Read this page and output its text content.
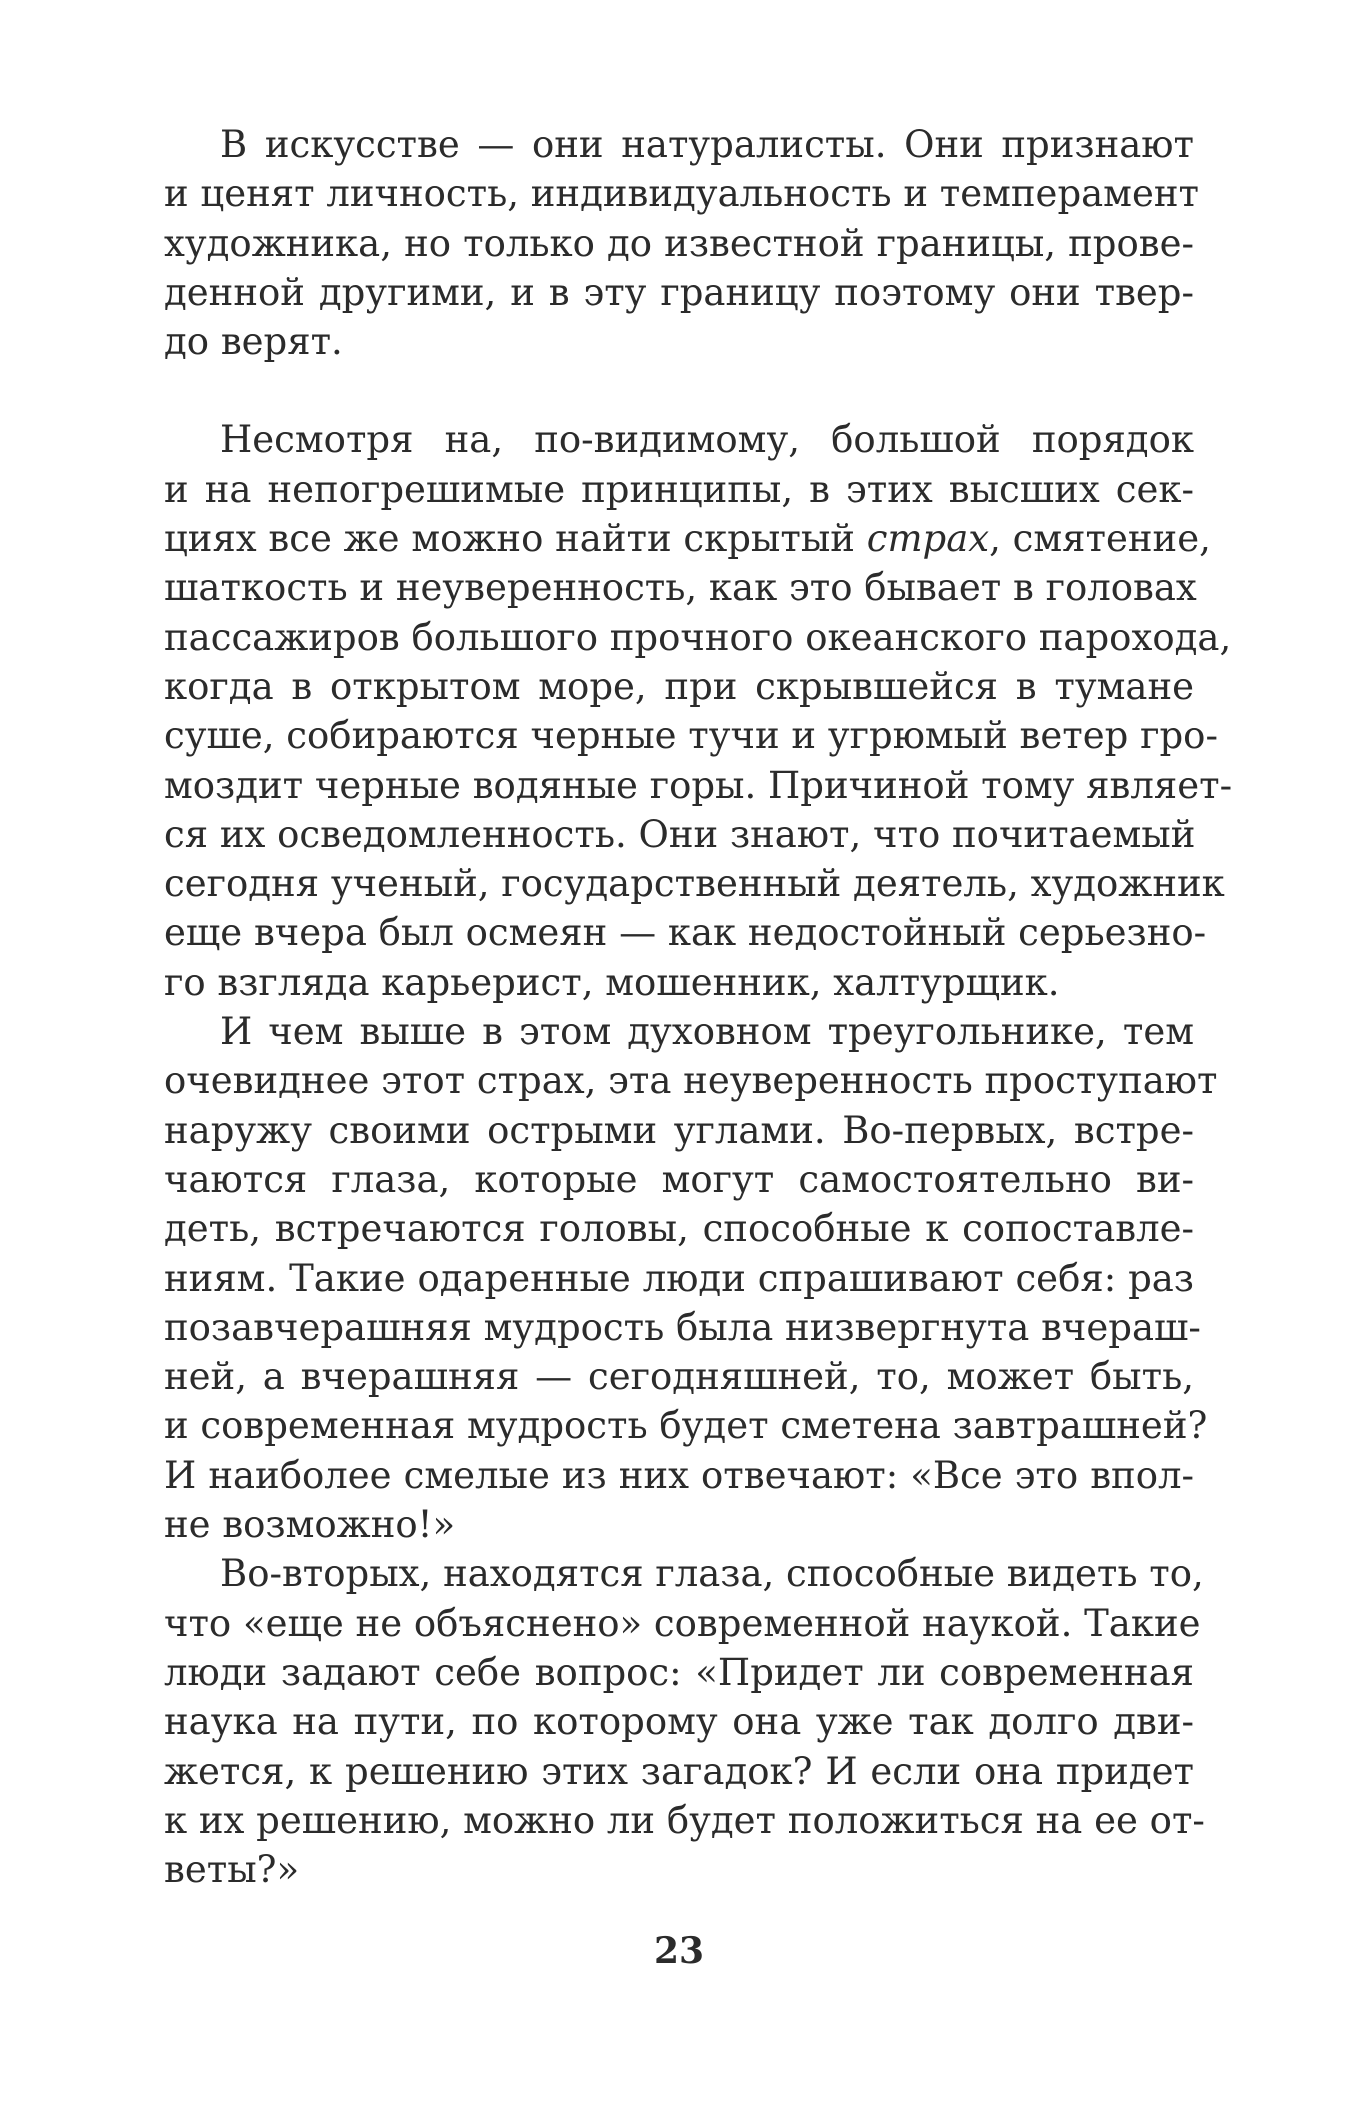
В искусстве — они натуралисты. Они признают
и ценят личность, индивидуальность и темперамент
художника, но только до известной границы, прове-
денной другими, и в эту границу поэтому они твер-
до верят.
Несмотря на, по-видимому, большой порядок
и на непогрешимые принципы, в этих высших сек-
циях все же можно найти скрытый страх, смятение,
шаткость и неуверенность, как это бывает в головах
пассажиров большого прочного океанского парохода,
когда в открытом море, при скрывшейся в тумане
суше, собираются черные тучи и угрюмый ветер гро-
моздит черные водяные горы. Причиной тому являет-
ся их осведомленность. Они знают, что почитаемый
сегодня ученый, государственный деятель, художник
еще вчера был осмеян — как недостойный серьезно-
го взгляда карьерист, мошенник, халтурщик.
И чем выше в этом духовном треугольнике, тем
очевиднее этот страх, эта неуверенность проступают
наружу своими острыми углами. Во-первых, встре-
чаются глаза, которые могут самостоятельно ви-
деть, встречаются головы, способные к сопоставле-
ниям. Такие одаренные люди спрашивают себя: раз
позавчерашняя мудрость была низвергнута вчераш-
ней, а вчерашняя — сегодняшней, то, может быть,
и современная мудрость будет сметена завтрашней?
И наиболее смелые из них отвечают: «Все это впол-
не возможно!»
Во-вторых, находятся глаза, способные видеть то,
что «еще не объяснено» современной наукой. Такие
люди задают себе вопрос: «Придет ли современная
наука на пути, по которому она уже так долго дви-
жется, к решению этих загадок? И если она придет
к их решению, можно ли будет положиться на ее от-
веты?»
23
